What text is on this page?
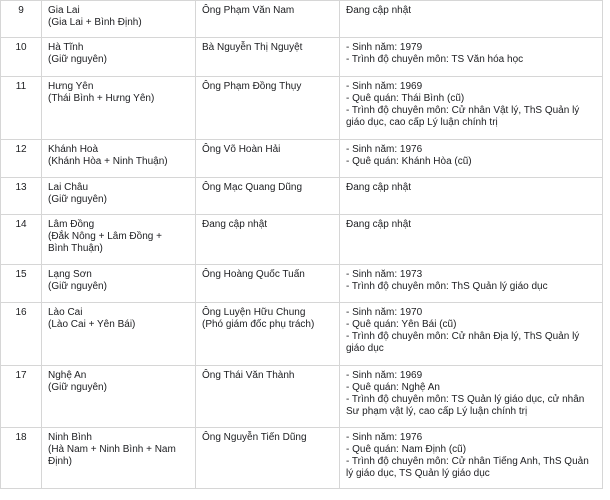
9	Gia Lai
(Gia Lai + Bình Định)	Ông Phạm Văn Nam	Đang cập nhật

10	Hà Tĩnh
(Giữ nguyên)	Bà Nguyễn Thị Nguyệt	- Sinh năm: 1979
- Trình độ chuyên môn: TS Văn hóa học

11	Hưng Yên
(Thái Bình + Hưng Yên)	Ông Phạm Đồng Thụy	- Sinh năm: 1969
- Quê quán: Thái Bình (cũ)
- Trình độ chuyên môn: Cử nhân Vật lý, ThS Quản lý
giáo dục, cao cấp Lý luận chính trị

12	Khánh Hoà
(Khánh Hòa + Ninh Thuận)	Ông Võ Hoàn Hải	- Sinh năm: 1976
- Quê quán: Khánh Hòa (cũ)

13	Lai Châu
(Giữ nguyên)	Ông Mạc Quang Dũng	Đang cập nhật

14	Lâm Đồng
(Đắk Nông + Lâm Đồng +
Bình Thuận)	Đang cập nhật	Đang cập nhật

15	Lạng Sơn
(Giữ nguyên)	Ông Hoàng Quốc Tuấn	- Sinh năm: 1973
- Trình độ chuyên môn: ThS Quản lý giáo dục

16	Lào Cai
(Lào Cai + Yên Bái)	Ông Luyện Hữu Chung
(Phó giám đốc phụ trách)	- Sinh năm: 1970
- Quê quán: Yên Bái (cũ)
- Trình độ chuyên môn: Cử nhân Địa lý, ThS Quản lý
giáo dục

17	Nghệ An
(Giữ nguyên)	Ông Thái Văn Thành	- Sinh năm: 1969
- Quê quán: Nghệ An
- Trình độ chuyên môn: TS Quản lý giáo dục, cử nhân
Sư phạm vật lý, cao cấp Lý luận chính trị

18	Ninh Bình
(Hà Nam + Ninh Bình + Nam
Định)	Ông Nguyễn Tiến Dũng	- Sinh năm: 1976
- Quê quán: Nam Định (cũ)
- Trình độ chuyên môn: Cử nhân Tiếng Anh, ThS Quản
lý giáo dục, TS Quản lý giáo dục
